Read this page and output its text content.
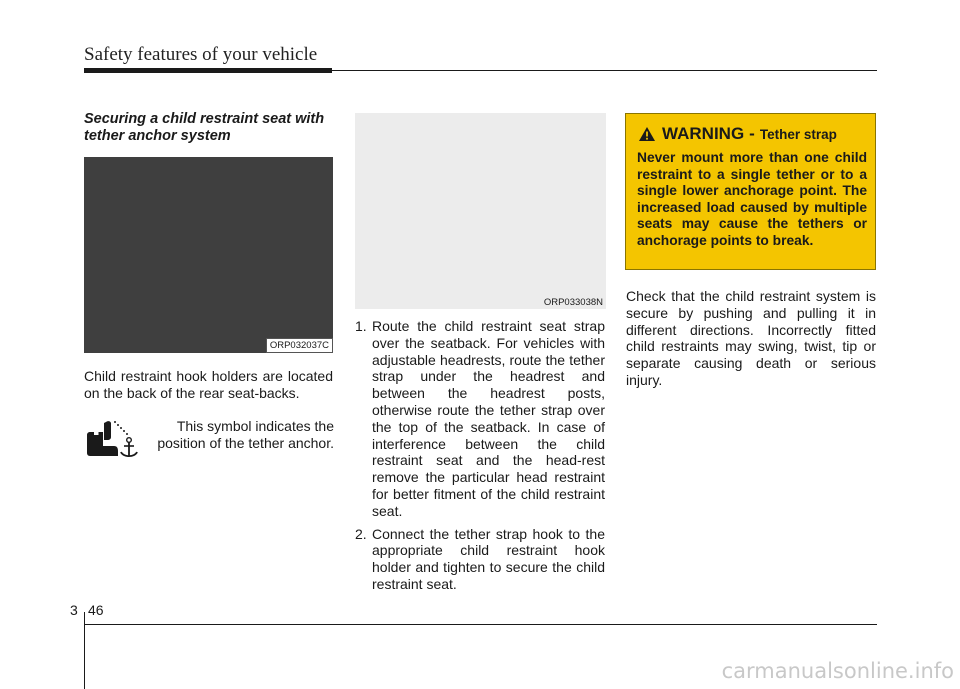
Safety features of your vehicle
Securing a child restraint seat with tether anchor system
ORP032037C
Child restraint hook holders are located on the back of the rear seat-backs.
This symbol indicates the position of the tether anchor.
ORP033038N
1. Route the child restraint seat strap over the seatback. For vehicles with adjustable headrests, route the tether strap under the headrest and between the headrest posts, otherwise route the tether strap over the top of the seatback. In case of interference between the child restraint seat and the head-rest remove the particular head restraint for better fitment of the child restraint seat.
2. Connect the tether strap hook to the appropriate child restraint hook holder and tighten to secure the child restraint seat.
WARNING - Tether strap
Never mount more than one child restraint to a single tether or to a single lower anchorage point. The increased load caused by multiple seats may cause the tethers or anchorage points to break.
Check that the child restraint system is secure by pushing and pulling it in different directions. Incorrectly fitted child restraints may swing, twist, tip or separate causing death or serious injury.
3 46
carmanualsonline.info
